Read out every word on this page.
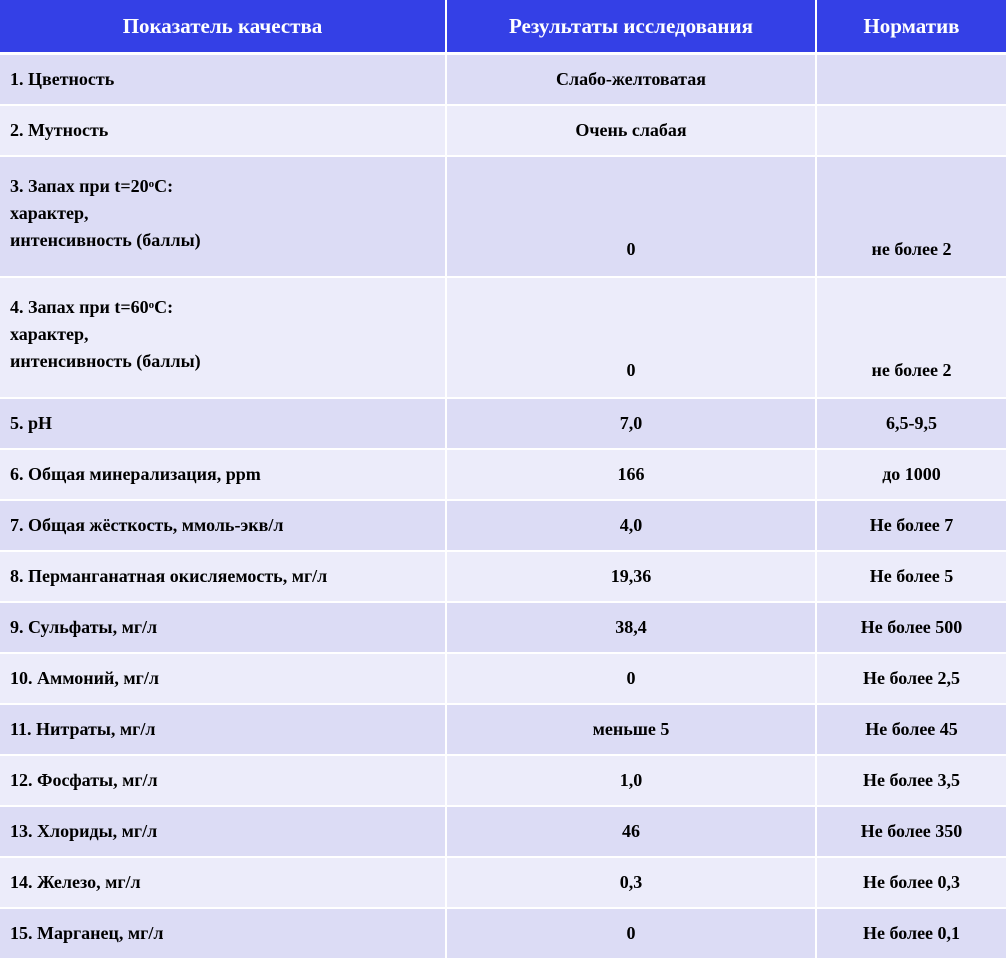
Показатель качества	Результаты исследования	Норматив
1. Цветность	Слабо-желтоватая	
2. Мутность	Очень слабая	

3. Запах при $t=20^oC$:
характер,
интенсивность (баллы)	0	не более 2

4. Запах при $t=60^oC$:
характер,
интенсивность (баллы)	0	не более 2
5. pH	7,0	6,5-9,5
6. Общая минерализация, ppm	166	до 1000
7. Общая жёсткость, ммоль-экв/л	4,0	Не более 7
8. Перманганатная окисляемость, мг/л	19,36	Не более 5
9. Сульфаты, мг/л	38,4	Не более 500
10. Аммоний, мг/л	0	Не более 2,5
11. Нитраты, мг/л	меньше 5	Не более 45
12. Фосфаты, мг/л	1,0	Не более 3,5
13. Хлориды, мг/л	46	Не более 350
14. Железо, мг/л	0,3	Не более 0,3
15. Марганец, мг/л	0	Не более 0,1
